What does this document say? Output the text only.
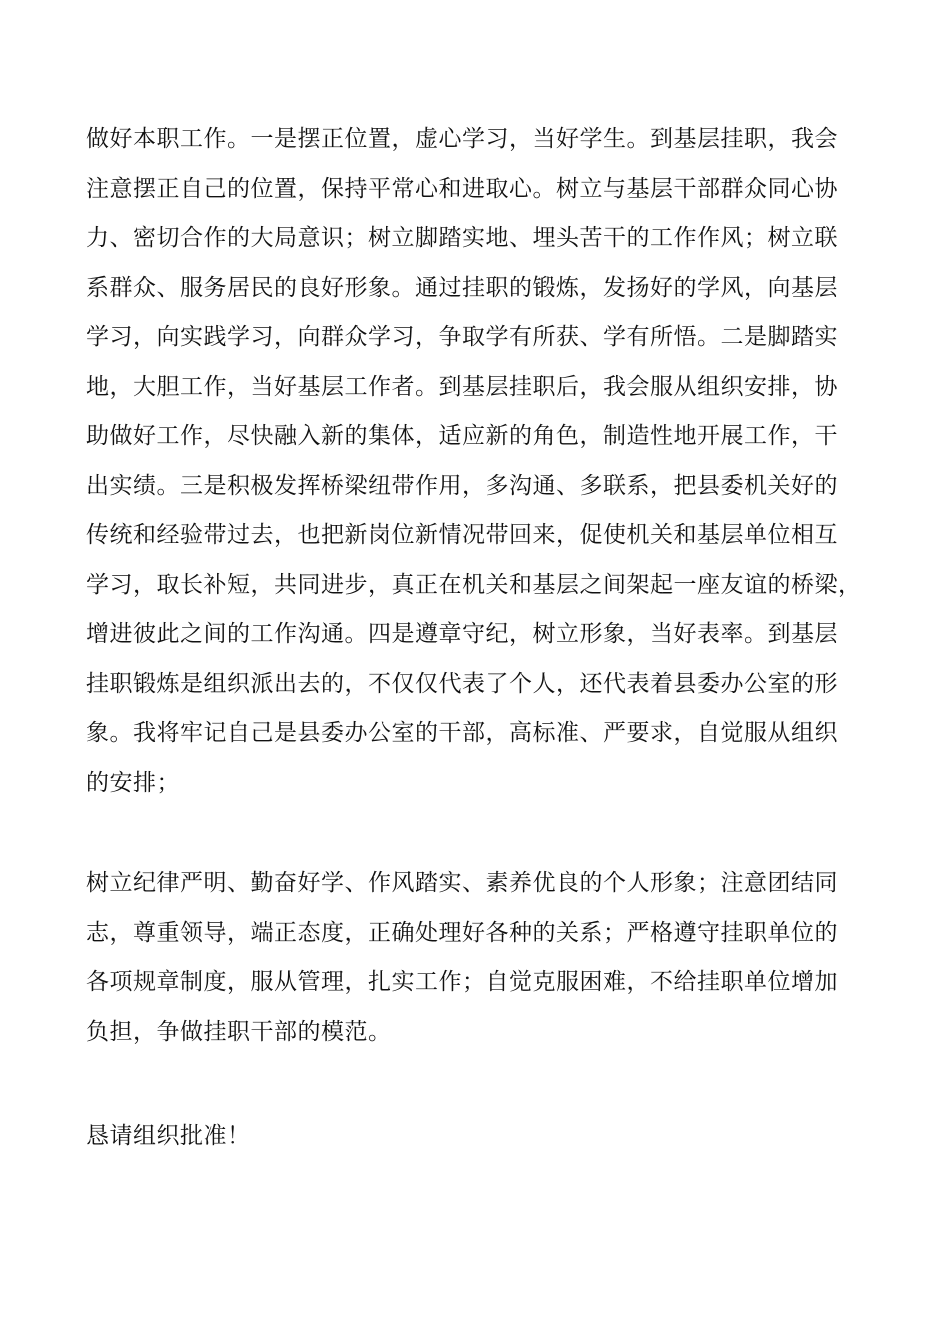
做好本职工作。一是摆正位置，虚心学习，当好学生。到基层挂职，我会
注意摆正自己的位置，保持平常心和进取心。树立与基层干部群众同心协
力、密切合作的大局意识；树立脚踏实地、埋头苦干的工作作风；树立联
系群众、服务居民的良好形象。通过挂职的锻炼，发扬好的学风，向基层
学习，向实践学习，向群众学习，争取学有所获、学有所悟。二是脚踏实
地，大胆工作，当好基层工作者。到基层挂职后，我会服从组织安排，协
助做好工作，尽快融入新的集体，适应新的角色，制造性地开展工作，干
出实绩。三是积极发挥桥梁纽带作用，多沟通、多联系，把县委机关好的
传统和经验带过去，也把新岗位新情况带回来，促使机关和基层单位相互
学习，取长补短，共同进步，真正在机关和基层之间架起一座友谊的桥梁，
增进彼此之间的工作沟通。四是遵章守纪，树立形象，当好表率。到基层
挂职锻炼是组织派出去的，不仅仅代表了个人，还代表着县委办公室的形
象。我将牢记自己是县委办公室的干部，高标准、严要求，自觉服从组织
的安排；

树立纪律严明、勤奋好学、作风踏实、素养优良的个人形象；注意团结同
志，尊重领导，端正态度，正确处理好各种的关系；严格遵守挂职单位的
各项规章制度，服从管理，扎实工作；自觉克服困难，不给挂职单位增加
负担，争做挂职干部的模范。

恳请组织批准！
